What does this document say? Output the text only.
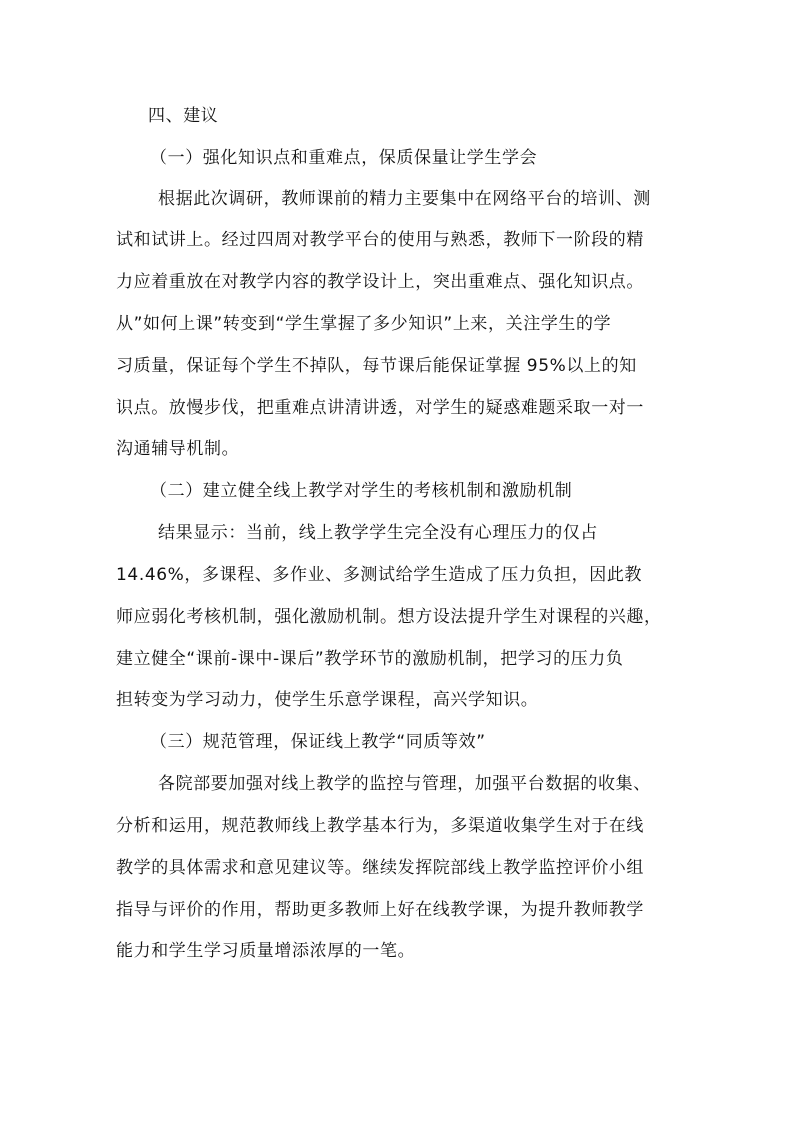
四、建议
（一）强化知识点和重难点，保质保量让学生学会
根据此次调研，教师课前的精力主要集中在网络平台的培训、测
试和试讲上。经过四周对教学平台的使用与熟悉，教师下一阶段的精
力应着重放在对教学内容的教学设计上，突出重难点、强化知识点。
从”如何上课”转变到“学生掌握了多少知识”上来，关注学生的学
习质量，保证每个学生不掉队，每节课后能保证掌握 95%以上的知
识点。放慢步伐，把重难点讲清讲透，对学生的疑惑难题采取一对一
沟通辅导机制。
（二）建立健全线上教学对学生的考核机制和激励机制
结果显示：当前，线上教学学生完全没有心理压力的仅占
14.46%，多课程、多作业、多测试给学生造成了压力负担，因此教
师应弱化考核机制，强化激励机制。想方设法提升学生对课程的兴趣，
建立健全“课前-课中-课后”教学环节的激励机制，把学习的压力负
担转变为学习动力，使学生乐意学课程，高兴学知识。
（三）规范管理，保证线上教学“同质等效”
各院部要加强对线上教学的监控与管理，加强平台数据的收集、
分析和运用，规范教师线上教学基本行为，多渠道收集学生对于在线
教学的具体需求和意见建议等。继续发挥院部线上教学监控评价小组
指导与评价的作用，帮助更多教师上好在线教学课，为提升教师教学
能力和学生学习质量增添浓厚的一笔。
